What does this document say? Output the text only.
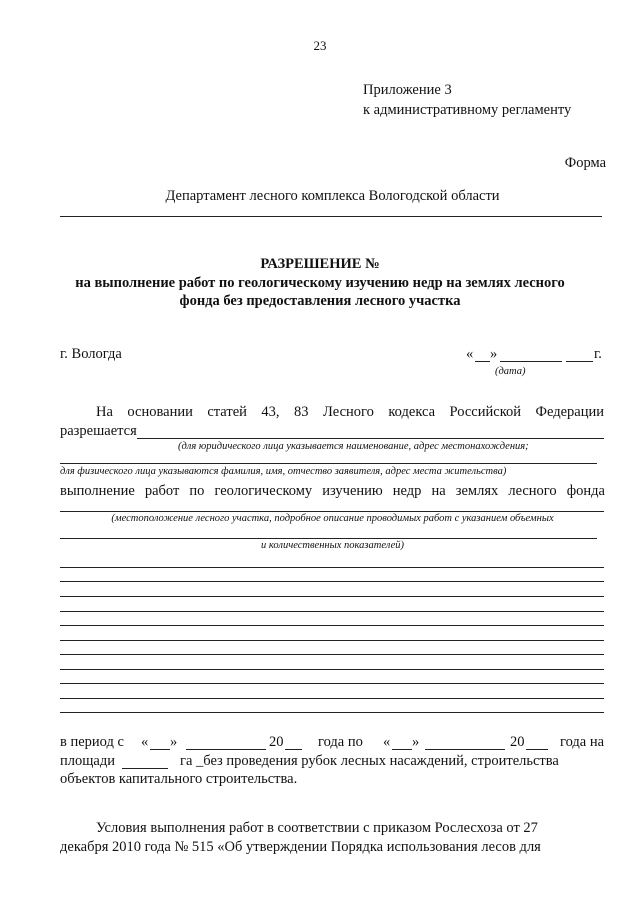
23
Приложение 3
к административному регламенту
Форма
Департамент лесного комплекса Вологодской области
РАЗРЕШЕНИЕ №
на выполнение работ по геологическому изучению недр на землях лесного
фонда без предоставления лесного участка
г. Вологда	« »	г.
(дата)
На основании статей 43, 83 Лесного кодекса Российской Федерации
разрешается
(для юридического лица указывается наименование, адрес местонахождения;
для физического лица указываются фамилия, имя, отчество заявителя, адрес места жительства)
выполнение работ по геологическому изучению недр на землях лесного фонда
(местоположение лесного участка, подробное описание проводимых работ с указанием объемных
и количественных показателей)
в период с « »	20 года по « »	20 года на
площади	га _без проведения рубок лесных насаждений, строительства
объектов капитального строительства.
Условия выполнения работ в соответствии с приказом Рослесхоза от 27
декабря 2010 года № 515 «Об утверждении Порядка использования лесов для
